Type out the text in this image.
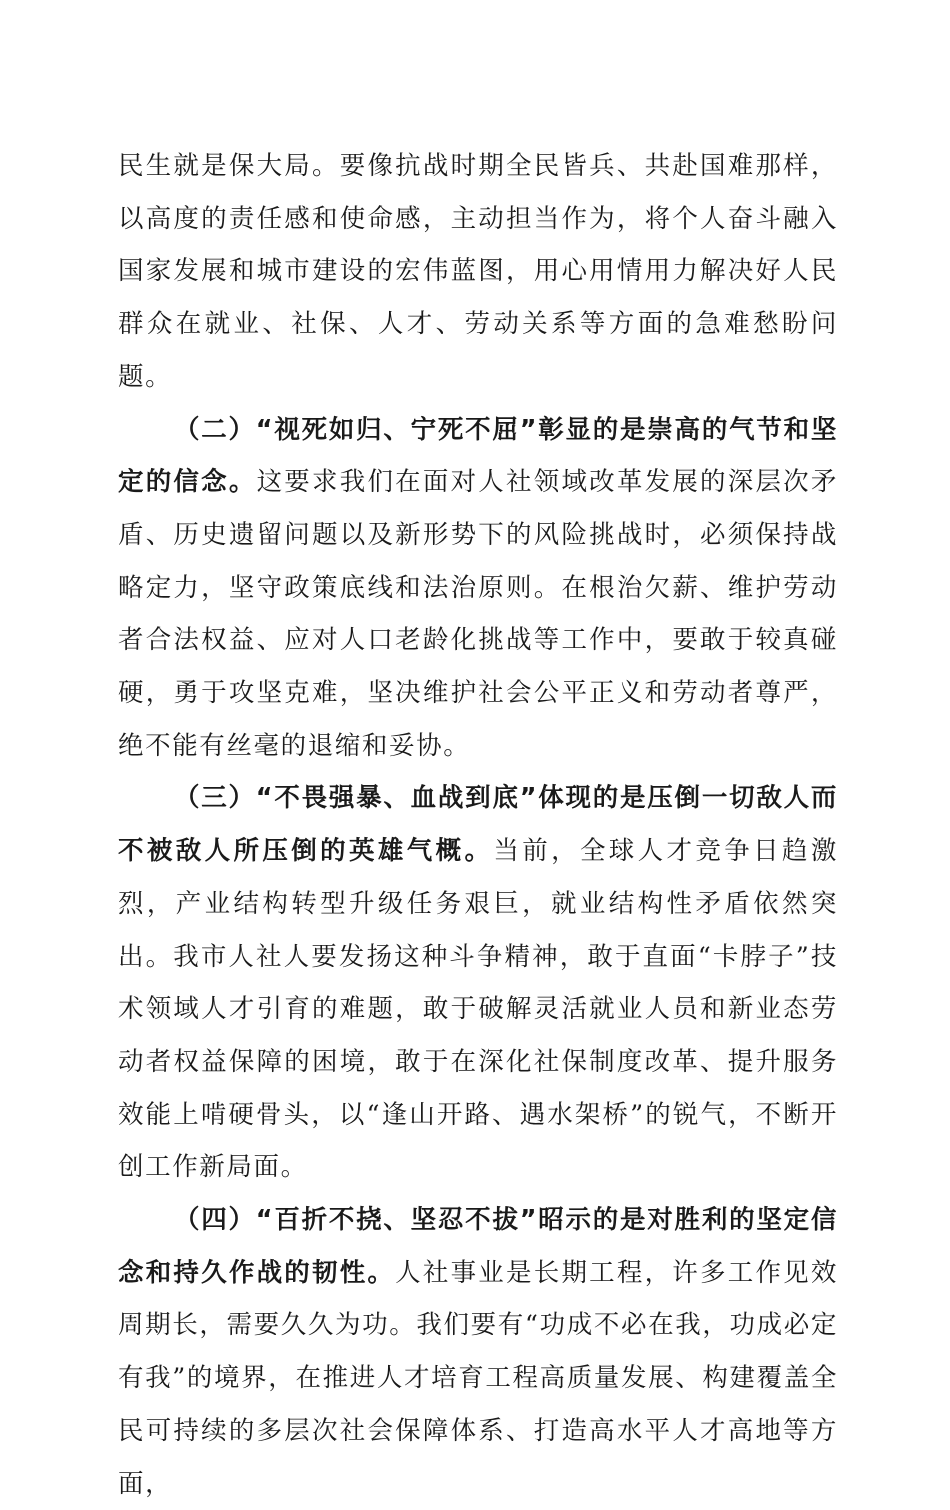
民生就是保大局。要像抗战时期全民皆兵、共赴国难那样，以高度的责任感和使命感，主动担当作为，将个人奋斗融入国家发展和城市建设的宏伟蓝图，用心用情用力解决好人民群众在就业、社保、人才、劳动关系等方面的急难愁盼问题。

（二）“视死如归、宁死不屈”彰显的是崇高的气节和坚定的信念。这要求我们在面对人社领域改革发展的深层次矛盾、历史遗留问题以及新形势下的风险挑战时，必须保持战略定力，坚守政策底线和法治原则。在根治欠薪、维护劳动者合法权益、应对人口老龄化挑战等工作中，要敢于较真碰硬，勇于攻坚克难，坚决维护社会公平正义和劳动者尊严，绝不能有丝毫的退缩和妥协。

（三）“不畏强暴、血战到底”体现的是压倒一切敌人而不被敌人所压倒的英雄气概。当前，全球人才竞争日趋激烈，产业结构转型升级任务艰巨，就业结构性矛盾依然突出。我市人社人要发扬这种斗争精神，敢于直面“卡脖子”技术领域人才引育的难题，敢于破解灵活就业人员和新业态劳动者权益保障的困境，敢于在深化社保制度改革、提升服务效能上啃硬骨头，以“逢山开路、遇水架桥”的锐气，不断开创工作新局面。

（四）“百折不挠、坚忍不拔”昭示的是对胜利的坚定信念和持久作战的韧性。人社事业是长期工程，许多工作见效周期长，需要久久为功。我们要有“功成不必在我，功成必定有我”的境界，在推进人才培育工程高质量发展、构建覆盖全民可持续的多层次社会保障体系、打造高水平人才高地等方面，
